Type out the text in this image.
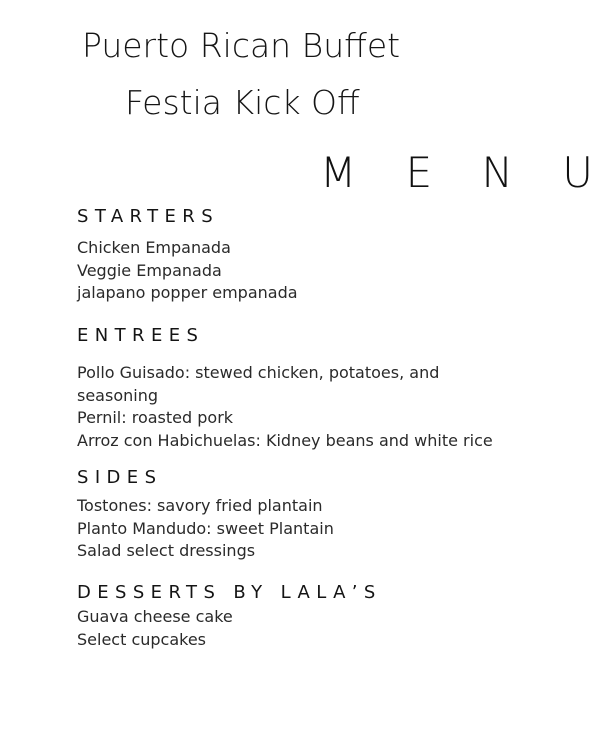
Puerto Rican Buffet
Festia Kick Off
M E N U
STARTERS
Chicken Empanada
Veggie Empanada
jalapano popper empanada
ENTREES
Pollo Guisado: stewed chicken, potatoes, and seasoning
Pernil: roasted pork
Arroz con Habichuelas: Kidney beans and white rice
SIDES
Tostones: savory fried plantain
Planto Mandudo: sweet Plantain
Salad select dressings
DESSERTS BY LALA’S
Guava cheese cake
Select cupcakes
